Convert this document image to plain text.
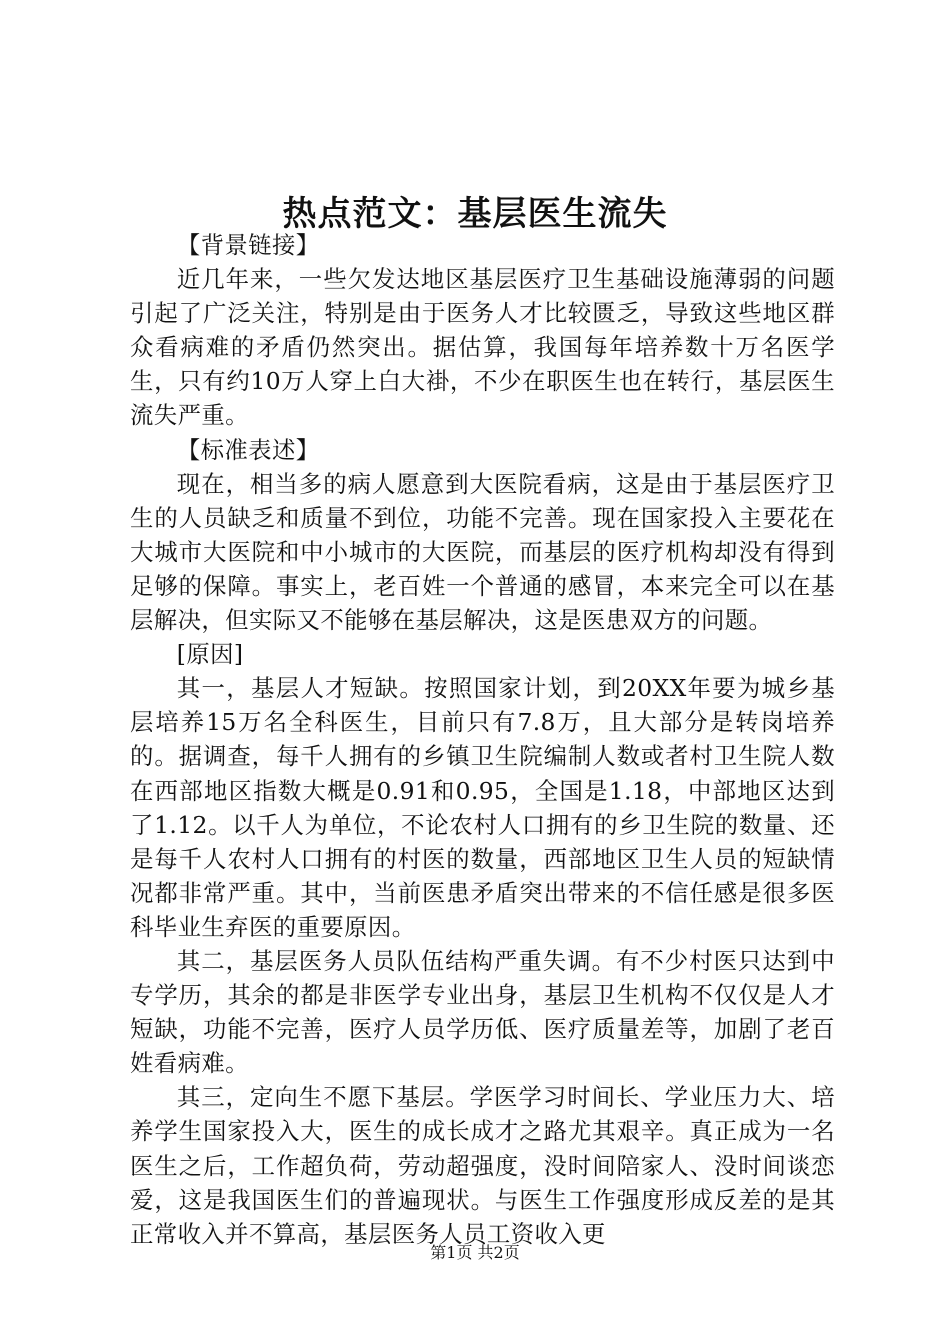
热点范文：基层医生流失

【背景链接】

近几年来，一些欠发达地区基层医疗卫生基础设施薄弱的问题引起了广泛关注，特别是由于医务人才比较匮乏，导致这些地区群众看病难的矛盾仍然突出。据估算，我国每年培养数十万名医学生，只有约10万人穿上白大褂，不少在职医生也在转行，基层医生流失严重。

【标准表述】

现在，相当多的病人愿意到大医院看病，这是由于基层医疗卫生的人员缺乏和质量不到位，功能不完善。现在国家投入主要花在大城市大医院和中小城市的大医院，而基层的医疗机构却没有得到足够的保障。事实上，老百姓一个普通的感冒，本来完全可以在基层解决，但实际又不能够在基层解决，这是医患双方的问题。

[原因]

其一，基层人才短缺。按照国家计划，到20XX年要为城乡基层培养15万名全科医生，目前只有7.8万，且大部分是转岗培养的。据调查，每千人拥有的乡镇卫生院编制人数或者村卫生院人数在西部地区指数大概是0.91和0.95，全国是1.18，中部地区达到了1.12。以千人为单位，不论农村人口拥有的乡卫生院的数量、还是每千人农村人口拥有的村医的数量，西部地区卫生人员的短缺情况都非常严重。其中，当前医患矛盾突出带来的不信任感是很多医科毕业生弃医的重要原因。

其二，基层医务人员队伍结构严重失调。有不少村医只达到中专学历，其余的都是非医学专业出身，基层卫生机构不仅仅是人才短缺，功能不完善，医疗人员学历低、医疗质量差等，加剧了老百姓看病难。

其三，定向生不愿下基层。学医学习时间长、学业压力大、培养学生国家投入大，医生的成长成才之路尤其艰辛。真正成为一名医生之后，工作超负荷，劳动超强度，没时间陪家人、没时间谈恋爱，这是我国医生们的普遍现状。与医生工作强度形成反差的是其正常收入并不算高，基层医务人员工资收入更

第1页 共2页
